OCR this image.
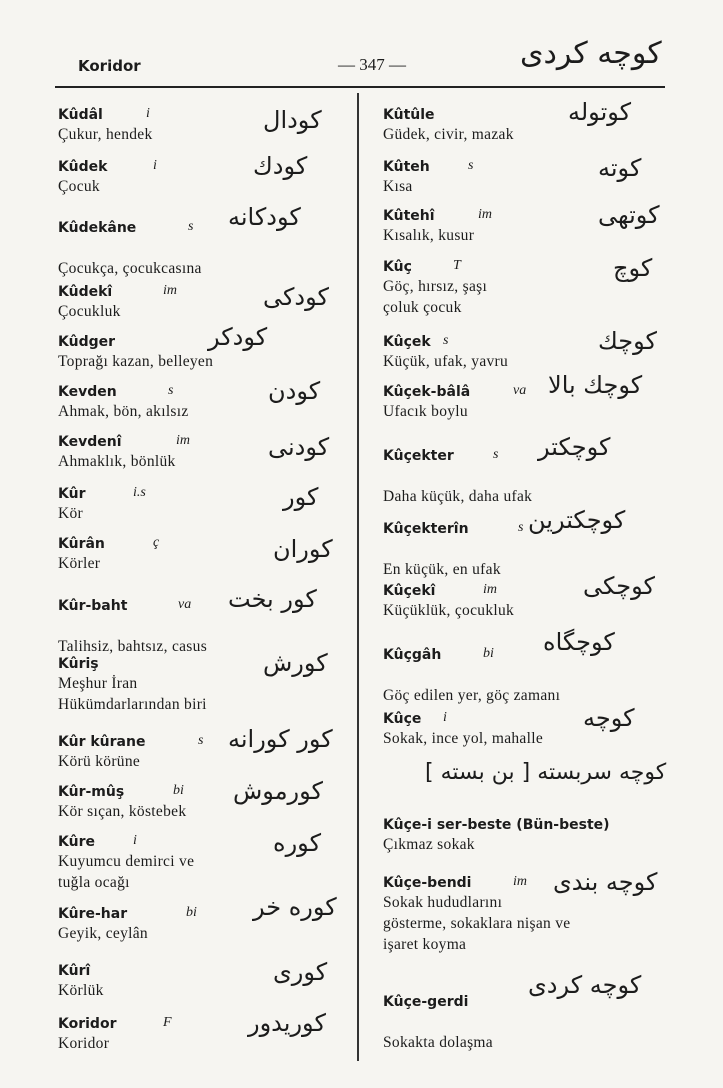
Koridor	— 347 —	كوچه كردى
Kûdâl	i
Çukur, hendek
كودال
Kûdek	i
Çocuk
كودك
Kûdekâne	s

Çocukça, çocukcasına
كودكانه
Kûdekî	im
Çocukluk
كودكى
Kûdger
Toprağı kazan, belleyen
كودكر
Kevden	s
Ahmak, bön, akılsız
كودن
Kevdenî	im
Ahmaklık, bönlük
كودنى
Kûr	i.s
Kör
كور
Kûrân	ç
Körler
كوران
Kûr-baht	va

Talihsiz, bahtsız, casus
كور بخت
Kûriş
Meşhur İran
Hükümdarlarından biri
كورش
Kûr kûrane	s
Körü körüne
كور كورانه
Kûr-mûş	bi
Kör sıçan, köstebek
كورموش
Kûre	i
Kuyumcu demirci ve
tuğla ocağı
كوره
Kûre-har	bi
Geyik, ceylân
كوره خر
Kûrî
Körlük
كورى
Koridor	F
Koridor
كوريدور
Kûtûle
Güdek, civir, mazak
كوتوله
Kûteh	s
Kısa
كوته
Kûtehî	im
Kısalık, kusur
كوتهى
Kûç	T
Göç, hırsız, şaşı
çoluk çocuk
كوچ
Kûçek s
Küçük, ufak, yavru
كوچك
Kûçek-bâlâ	va
Ufacık boylu
كوچك بالا
Kûçekter	s

Daha küçük, daha ufak
كوچكتر
Kûçekterîn	s

En küçük, en ufak
كوچكترين
Kûçekî	im
Küçüklük, çocukluk
كوچكى
Kûçgâh	bi

Göç edilen yer, göç zamanı
كوچگاه
Kûçe i
Sokak, ince yol, mahalle
كوچه
Kûçe-i ser-beste (Bün-beste)
Çıkmaz sokak
Kûçe-bendi	im
Sokak hududlarını
gösterme, sokaklara nişan ve
işaret koyma
كوچه بندى
Kûçe-gerdi

Sokakta dolaşma
كوچه كردى
كوچه سربسته [ بن بسته ]
